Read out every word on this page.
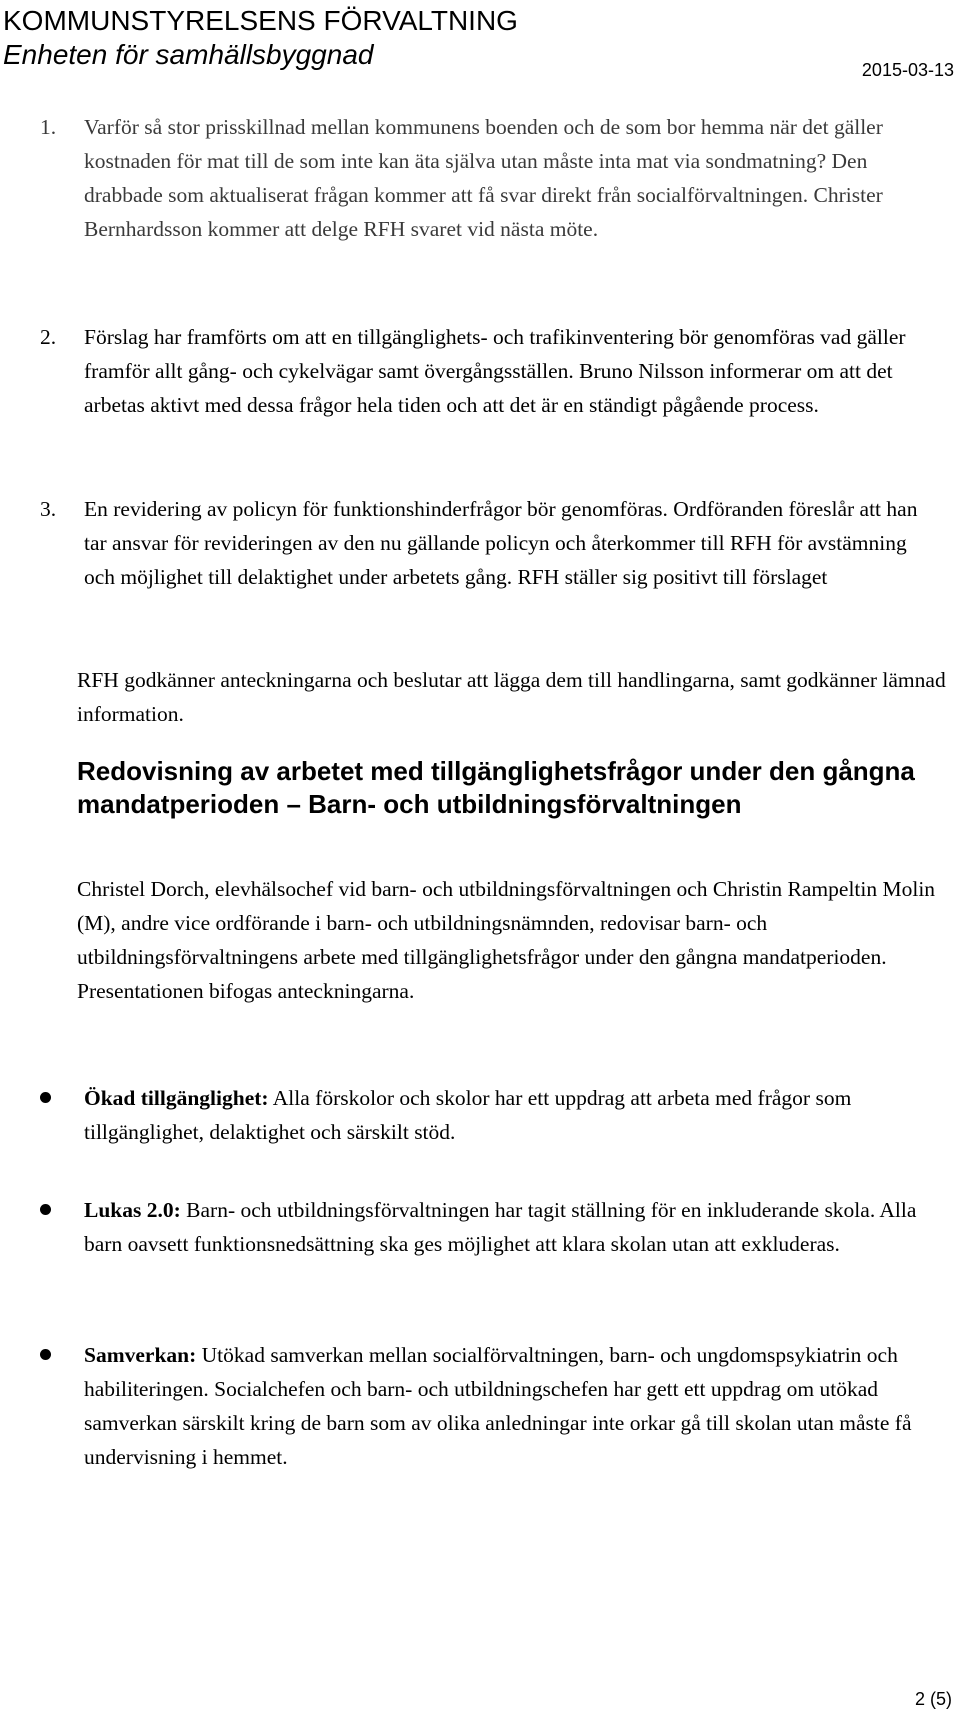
KOMMUNSTYRELSENS FÖRVALTNING
Enheten för samhällsbyggnad	2015-03-13
1.	Varför så stor prisskillnad mellan kommunens boenden och de som bor hemma när det gäller kostnaden för mat till de som inte kan äta själva utan måste inta mat via sondmatning? Den drabbade som aktualiserat frågan kommer att få svar direkt från socialförvaltningen. Christer Bernhardsson kommer att delge RFH svaret vid nästa möte.
2.	Förslag har framförts om att en tillgänglighets- och trafikinventering bör genomföras vad gäller framför allt gång- och cykelvägar samt övergångsställen. Bruno Nilsson informerar om att det arbetas aktivt med dessa frågor hela tiden och att det är en ständigt pågående process.
3.	En revidering av policyn för funktionshinderfrågor bör genomföras. Ordföranden föreslår att han tar ansvar för revideringen av den nu gällande policyn och återkommer till RFH för avstämning och möjlighet till delaktighet under arbetets gång. RFH ställer sig positivt till förslaget
RFH godkänner anteckningarna och beslutar att lägga dem till handlingarna, samt godkänner lämnad information.
Redovisning av arbetet med tillgänglighetsfrågor under den gångna mandatperioden – Barn- och utbildningsförvaltningen
Christel Dorch, elevhälsochef vid barn- och utbildningsförvaltningen och Christin Rampeltin Molin (M), andre vice ordförande i barn- och utbildningsnämnden, redovisar barn- och utbildningsförvaltningens arbete med tillgänglighetsfrågor under den gångna mandatperioden. Presentationen bifogas anteckningarna.
Ökad tillgänglighet: Alla förskolor och skolor har ett uppdrag att arbeta med frågor som tillgänglighet, delaktighet och särskilt stöd.
Lukas 2.0: Barn- och utbildningsförvaltningen har tagit ställning för en inkluderande skola. Alla barn oavsett funktionsnedsättning ska ges möjlighet att klara skolan utan att exkluderas.
Samverkan: Utökad samverkan mellan socialförvaltningen, barn- och ungdomspsykiatrin och habiliteringen. Socialchefen och barn- och utbildningschefen har gett ett uppdrag om utökad samverkan särskilt kring de barn som av olika anledningar inte orkar gå till skolan utan måste få undervisning i hemmet.
2 (5)
